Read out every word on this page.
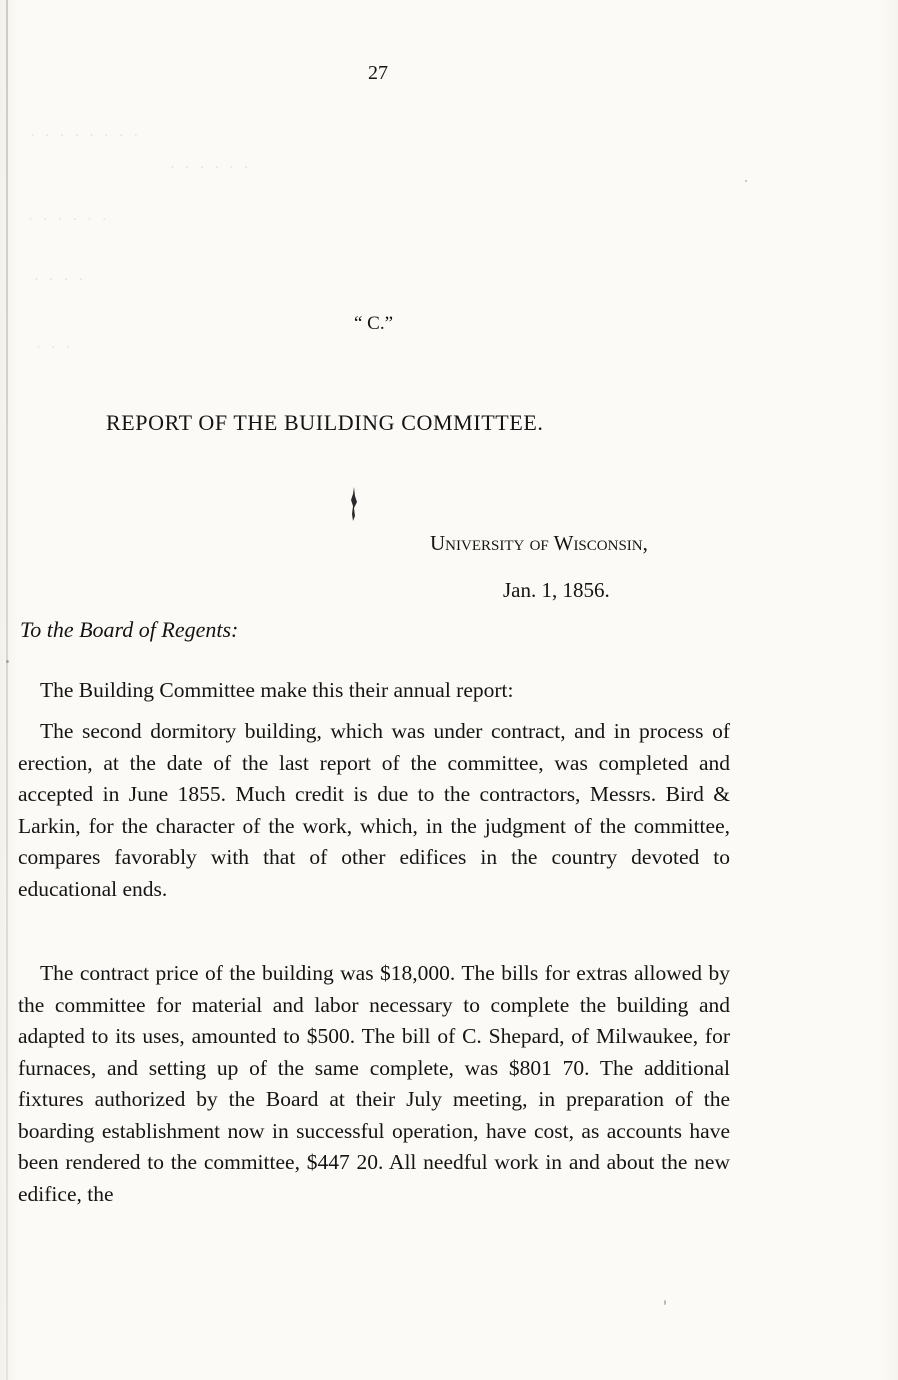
· · · · · · · ·
· · · · · ·
· · · · · ·
· · · ·
· · ·
27
“ C.”
REPORT OF THE BUILDING COMMITTEE.
University of Wisconsin,
Jan. 1, 1856.
To the Board of Regents:
The Building Committee make this their annual report:
The second dormitory building, which was under contract, and in process of erection, at the date of the last report of the committee, was completed and accepted in June 1855. Much credit is due to the contractors, Messrs. Bird & Larkin, for the character of the work, which, in the judgment of the committee, compares favorably with that of other edifices in the country devoted to educational ends.
The contract price of the building was $18,000. The bills for extras allowed by the committee for material and labor necessary to complete the building and adapted to its uses, amounted to $500. The bill of C. Shepard, of Milwaukee, for furnaces, and setting up of the same complete, was $801 70. The additional fixtures authorized by the Board at their July meeting, in preparation of the boarding establishment now in successful operation, have cost, as accounts have been rendered to the committee, $447 20. All needful work in and about the new edifice, the
